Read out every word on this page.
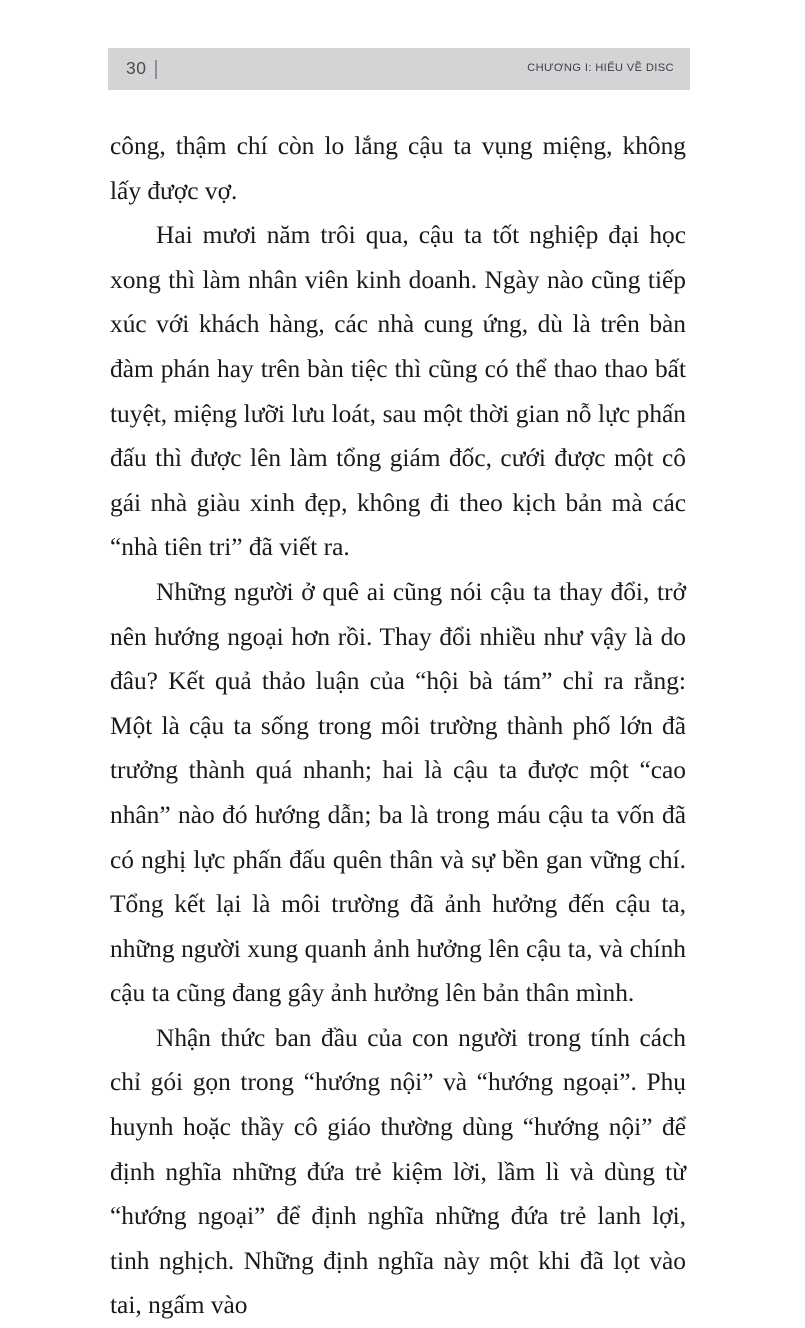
30	CHƯƠNG I: HIỂU VỀ DISC

công, thậm chí còn lo lắng cậu ta vụng miệng, không lấy được vợ.

Hai mươi năm trôi qua, cậu ta tốt nghiệp đại học xong thì làm nhân viên kinh doanh. Ngày nào cũng tiếp xúc với khách hàng, các nhà cung ứng, dù là trên bàn đàm phán hay trên bàn tiệc thì cũng có thể thao thao bất tuyệt, miệng lưỡi lưu loát, sau một thời gian nỗ lực phấn đấu thì được lên làm tổng giám đốc, cưới được một cô gái nhà giàu xinh đẹp, không đi theo kịch bản mà các “nhà tiên tri” đã viết ra.

Những người ở quê ai cũng nói cậu ta thay đổi, trở nên hướng ngoại hơn rồi. Thay đổi nhiều như vậy là do đâu? Kết quả thảo luận của “hội bà tám” chỉ ra rằng: Một là cậu ta sống trong môi trường thành phố lớn đã trưởng thành quá nhanh; hai là cậu ta được một “cao nhân” nào đó hướng dẫn; ba là trong máu cậu ta vốn đã có nghị lực phấn đấu quên thân và sự bền gan vững chí. Tổng kết lại là môi trường đã ảnh hưởng đến cậu ta, những người xung quanh ảnh hưởng lên cậu ta, và chính cậu ta cũng đang gây ảnh hưởng lên bản thân mình.

Nhận thức ban đầu của con người trong tính cách chỉ gói gọn trong “hướng nội” và “hướng ngoại”. Phụ huynh hoặc thầy cô giáo thường dùng “hướng nội” để định nghĩa những đứa trẻ kiệm lời, lầm lì và dùng từ “hướng ngoại” để định nghĩa những đứa trẻ lanh lợi, tinh nghịch. Những định nghĩa này một khi đã lọt vào tai, ngấm vào
